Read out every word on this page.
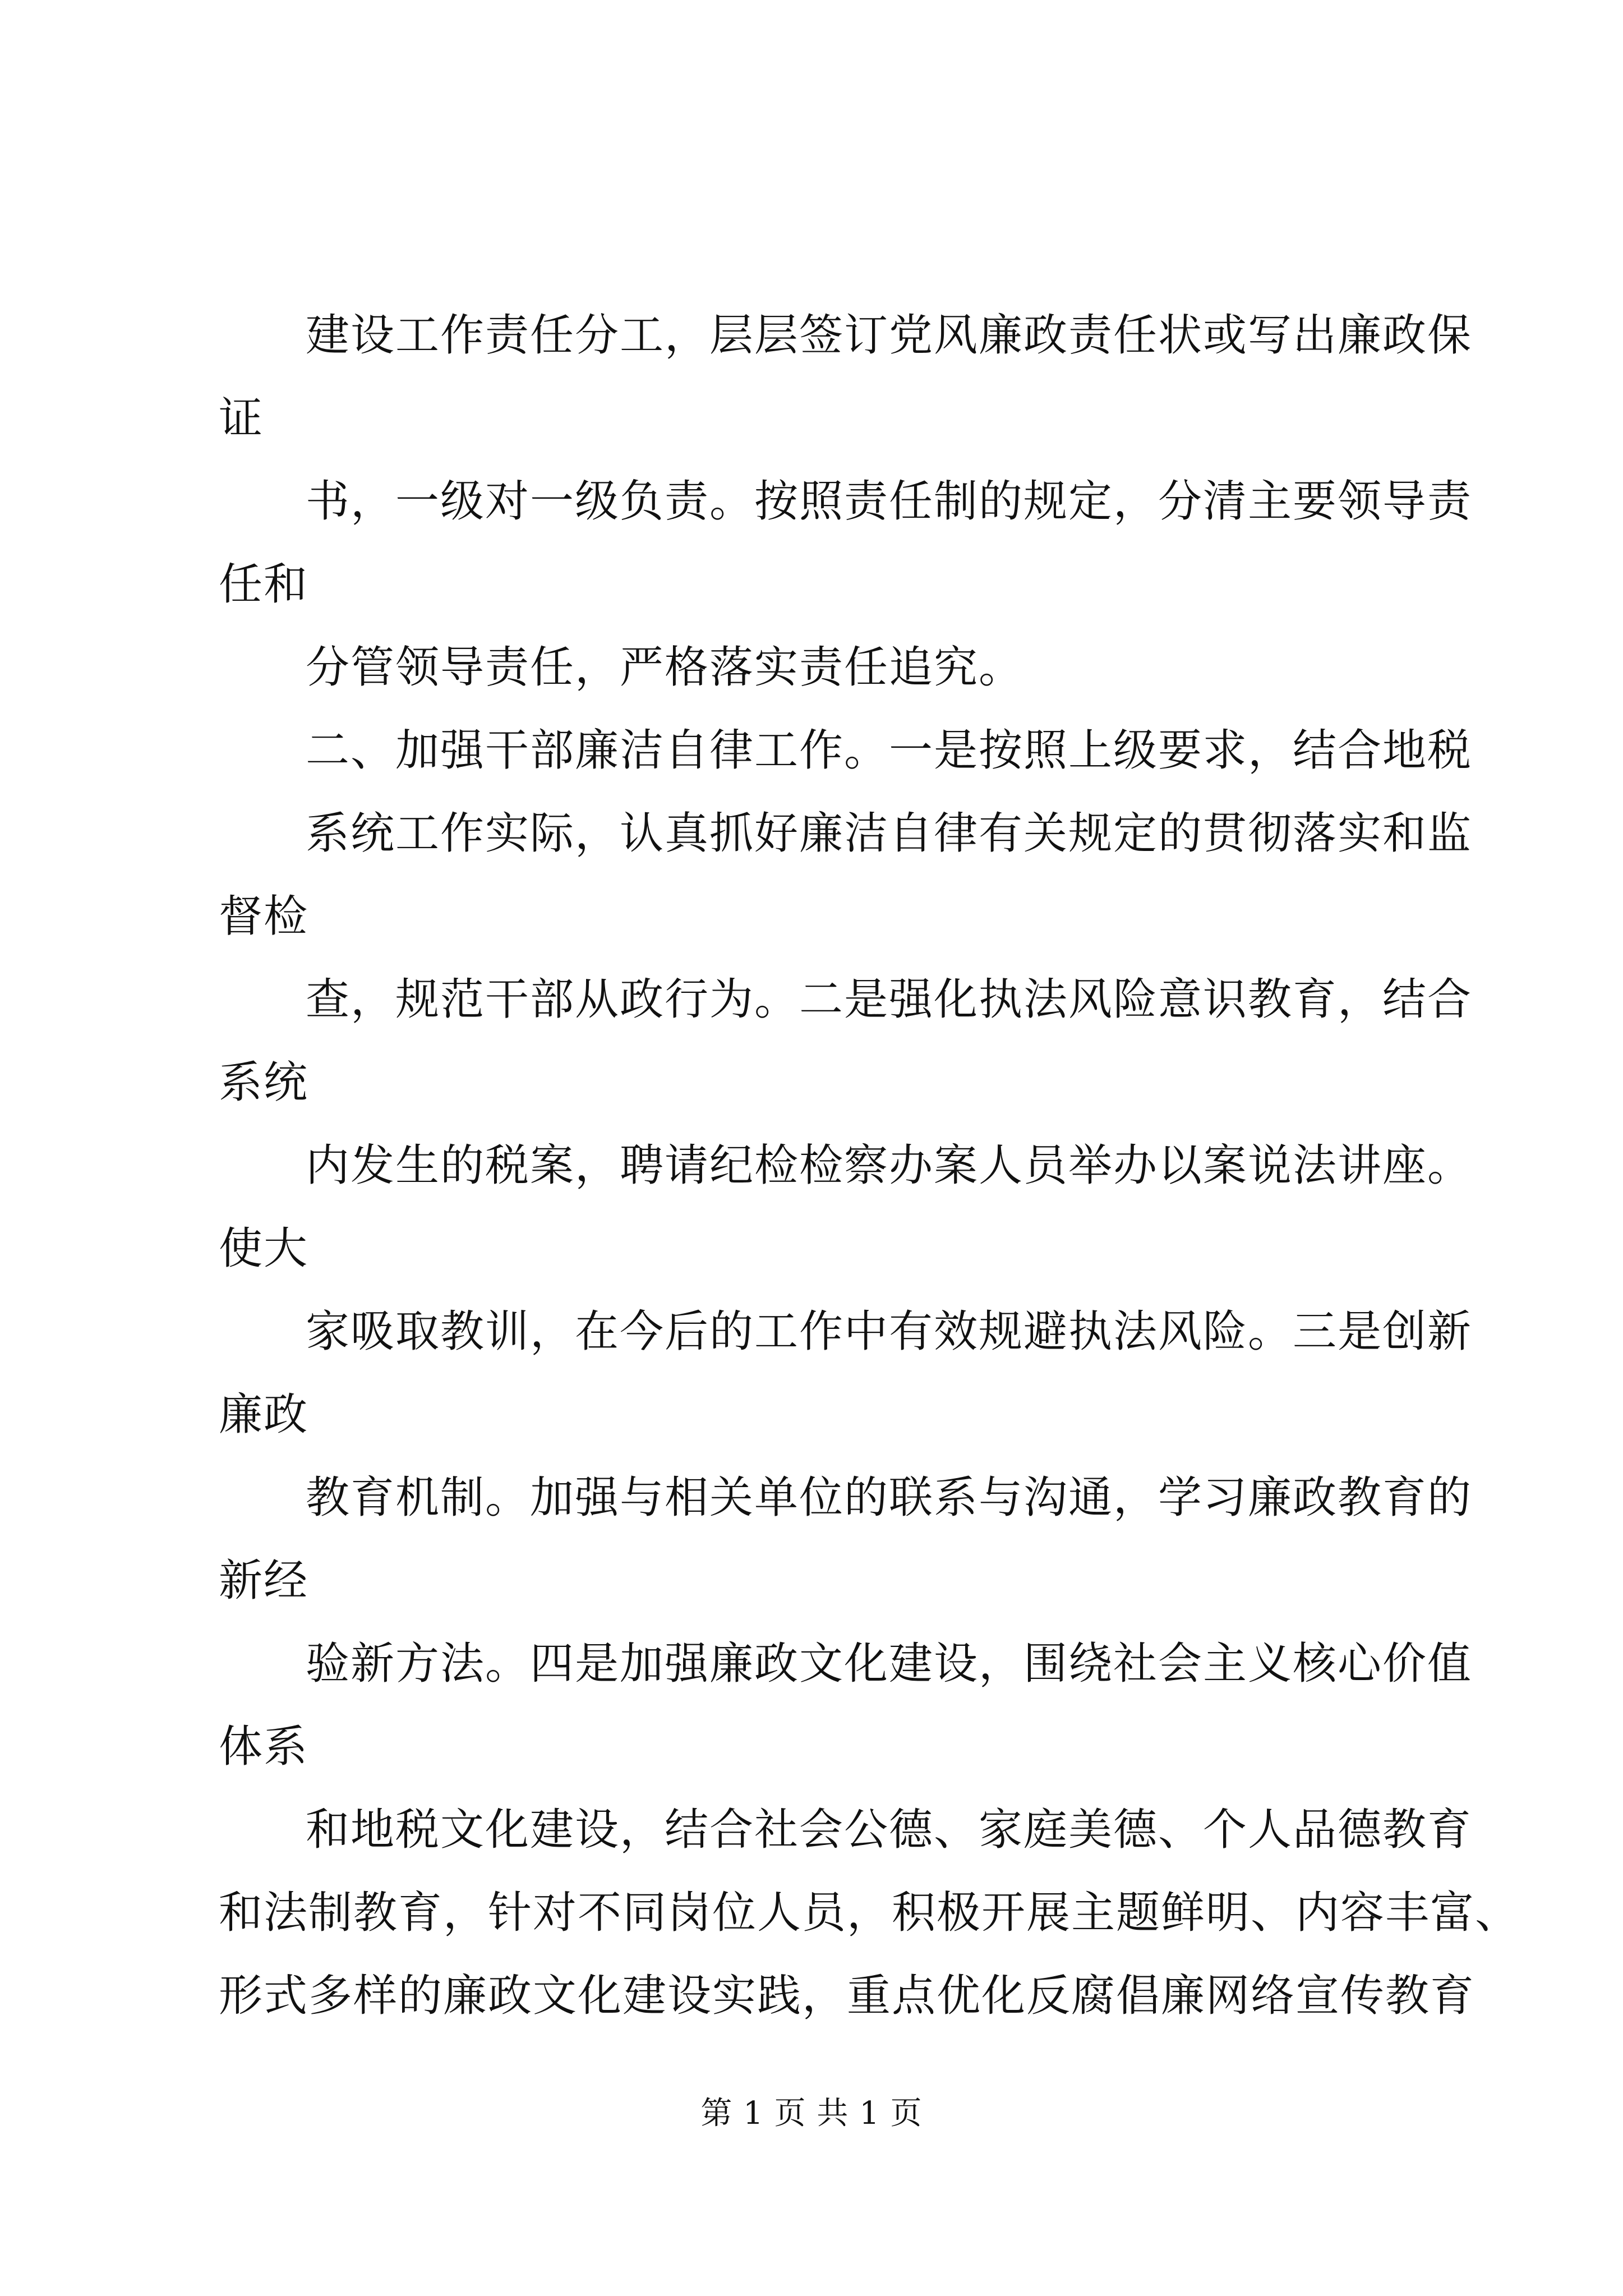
建设工作责任分工，层层签订党风廉政责任状或写出廉政保
证
书，一级对一级负责。按照责任制的规定，分清主要领导责
任和
分管领导责任，严格落实责任追究。
二、加强干部廉洁自律工作。一是按照上级要求，结合地税
系统工作实际，认真抓好廉洁自律有关规定的贯彻落实和监
督检
查，规范干部从政行为。二是强化执法风险意识教育，结合
系统
内发生的税案，聘请纪检检察办案人员举办以案说法讲座。
使大
家吸取教训，在今后的工作中有效规避执法风险。三是创新
廉政
教育机制。加强与相关单位的联系与沟通，学习廉政教育的
新经
验新方法。四是加强廉政文化建设，围绕社会主义核心价值
体系
和地税文化建设，结合社会公德、家庭美德、个人品德教育
和法制教育，针对不同岗位人员，积极开展主题鲜明、内容丰富、
形式多样的廉政文化建设实践，重点优化反腐倡廉网络宣传教育
第 1 页 共 1 页
